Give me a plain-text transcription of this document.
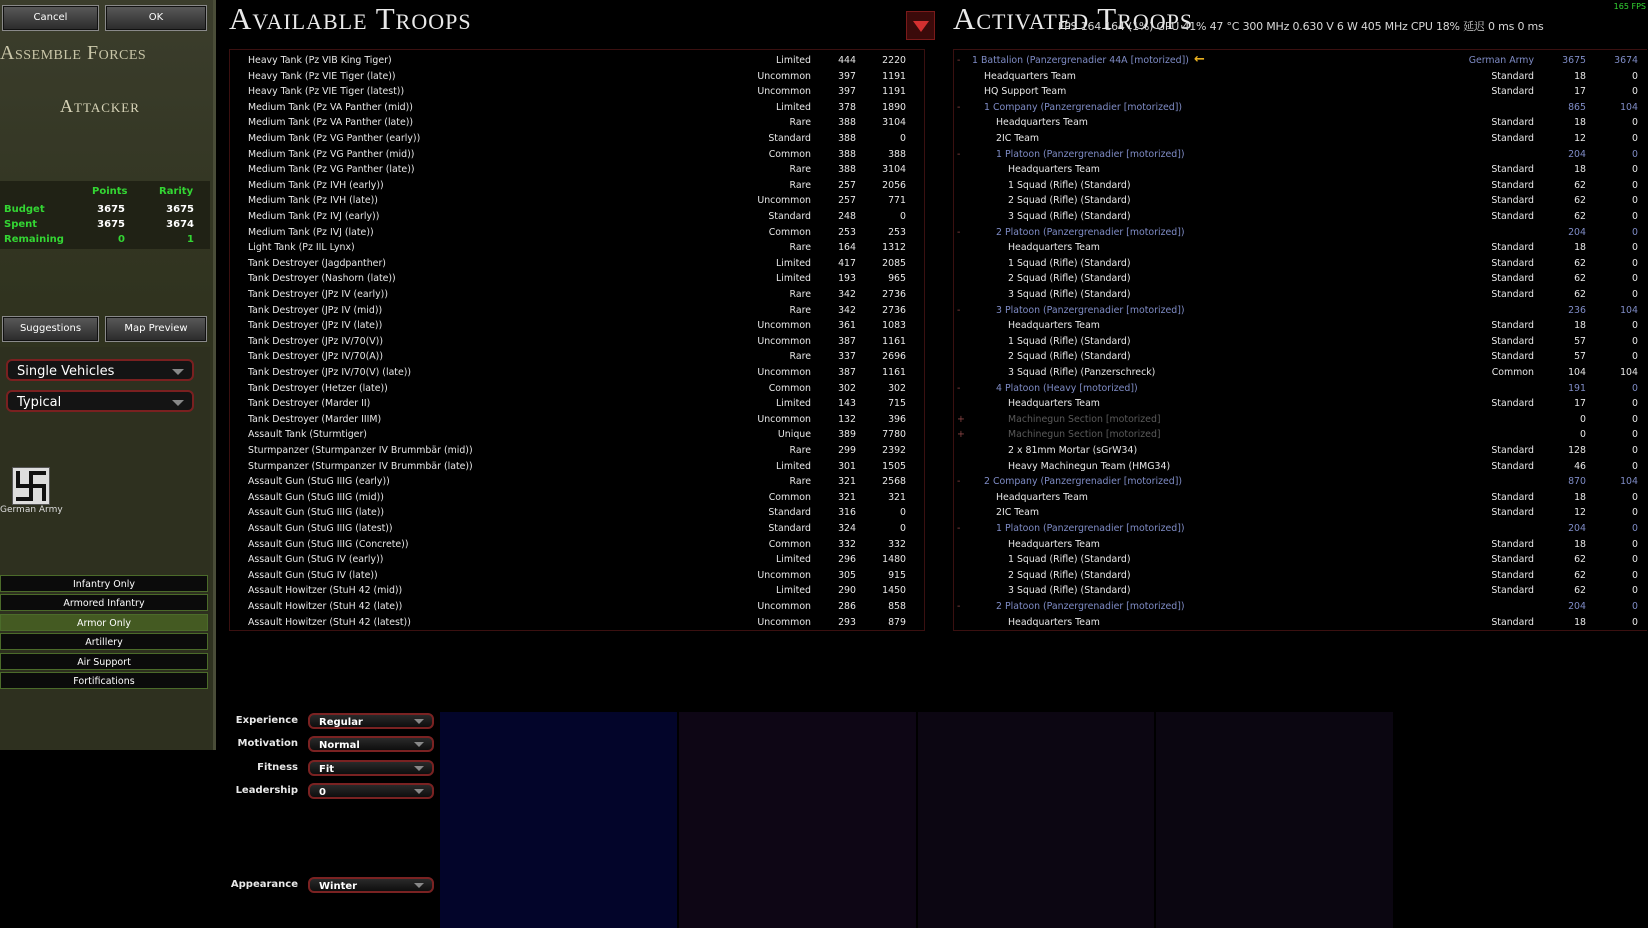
Cancel	OK
Assemble Forces
Attacker
Points	Rarity
Budget	3675	3675
Spent	3675	3674
Remaining	0	1
Suggestions	Map Preview
Single Vehicles
Typical
German Army
Infantry Only
Armored Infantry
Armor Only
Artillery
Air Support
Fortifications
Available Troops	Activated Troops
FPS 164 164 (1%) GPU 41% 47 °C 300 MHz 0.630 V 6 W 405 MHz CPU 18% 延迟 0 ms 0 ms
165 FPS
Heavy Tank (Pz VIB King Tiger)	Limited	444	2220
Heavy Tank (Pz VIE Tiger (late))	Uncommon	397	1191
Heavy Tank (Pz VIE Tiger (latest))	Uncommon	397	1191
Medium Tank (Pz VA Panther (mid))	Limited	378	1890
Medium Tank (Pz VA Panther (late))	Rare	388	3104
Medium Tank (Pz VG Panther (early))	Standard	388	0
Medium Tank (Pz VG Panther (mid))	Common	388	388
Medium Tank (Pz VG Panther (late))	Rare	388	3104
Medium Tank (Pz IVH (early))	Rare	257	2056
Medium Tank (Pz IVH (late))	Uncommon	257	771
Medium Tank (Pz IVJ (early))	Standard	248	0
Medium Tank (Pz IVJ (late))	Common	253	253
Light Tank (Pz IIL Lynx)	Rare	164	1312
Tank Destroyer (Jagdpanther)	Limited	417	2085
Tank Destroyer (Nashorn (late))	Limited	193	965
Tank Destroyer (JPz IV (early))	Rare	342	2736
Tank Destroyer (JPz IV (mid))	Rare	342	2736
Tank Destroyer (JPz IV (late))	Uncommon	361	1083
Tank Destroyer (JPz IV/70(V))	Uncommon	387	1161
Tank Destroyer (JPz IV/70(A))	Rare	337	2696
Tank Destroyer (JPz IV/70(V) (late))	Uncommon	387	1161
Tank Destroyer (Hetzer (late))	Common	302	302
Tank Destroyer (Marder II)	Limited	143	715
Tank Destroyer (Marder IIIM)	Uncommon	132	396
Assault Tank (Sturmtiger)	Unique	389	7780
Sturmpanzer (Sturmpanzer IV Brummbär (mid))	Rare	299	2392
Sturmpanzer (Sturmpanzer IV Brummbär (late))	Limited	301	1505
Assault Gun (StuG IIIG (early))	Rare	321	2568
Assault Gun (StuG IIIG (mid))	Common	321	321
Assault Gun (StuG IIIG (late))	Standard	316	0
Assault Gun (StuG IIIG (latest))	Standard	324	0
Assault Gun (StuG IIIG (Concrete))	Common	332	332
Assault Gun (StuG IV (early))	Limited	296	1480
Assault Gun (StuG IV (late))	Uncommon	305	915
Assault Howitzer (StuH 42 (mid))	Limited	290	1450
Assault Howitzer (StuH 42 (late))	Uncommon	286	858
Assault Howitzer (StuH 42 (latest))	Uncommon	293	879
- 1 Battalion (Panzergrenadier 44A [motorized]) ←	German Army	3675	3674
Headquarters Team	Standard	18	0
HQ Support Team	Standard	17	0
-	1 Company (Panzergrenadier [motorized])	865	104
Headquarters Team	Standard	18	0
2IC Team	Standard	12	0
-	1 Platoon (Panzergrenadier [motorized])	204	0
Headquarters Team	Standard	18	0
1 Squad (Rifle) (Standard)	Standard	62	0
2 Squad (Rifle) (Standard)	Standard	62	0
3 Squad (Rifle) (Standard)	Standard	62	0
-	2 Platoon (Panzergrenadier [motorized])	204	0
Headquarters Team	Standard	18	0
1 Squad (Rifle) (Standard)	Standard	62	0
2 Squad (Rifle) (Standard)	Standard	62	0
3 Squad (Rifle) (Standard)	Standard	62	0
-	3 Platoon (Panzergrenadier [motorized])	236	104
Headquarters Team	Standard	18	0
1 Squad (Rifle) (Standard)	Standard	57	0
2 Squad (Rifle) (Standard)	Standard	57	0
3 Squad (Rifle) (Panzerschreck)	Common	104	104
-	4 Platoon (Heavy [motorized])	191	0
Headquarters Team	Standard	17	0
+	Machinegun Section [motorized]	0	0
+	Machinegun Section [motorized]	0	0
2 x 81mm Mortar (sGrW34)	Standard	128	0
Heavy Machinegun Team (HMG34)	Standard	46	0
-	2 Company (Panzergrenadier [motorized])	870	104
Headquarters Team	Standard	18	0
2IC Team	Standard	12	0
-	1 Platoon (Panzergrenadier [motorized])	204	0
Headquarters Team	Standard	18	0
1 Squad (Rifle) (Standard)	Standard	62	0
2 Squad (Rifle) (Standard)	Standard	62	0
3 Squad (Rifle) (Standard)	Standard	62	0
-	2 Platoon (Panzergrenadier [motorized])	204	0
Headquarters Team	Standard	18	0
Experience	Regular
Motivation	Normal
Fitness	Fit
Leadership	0
Appearance	Winter
